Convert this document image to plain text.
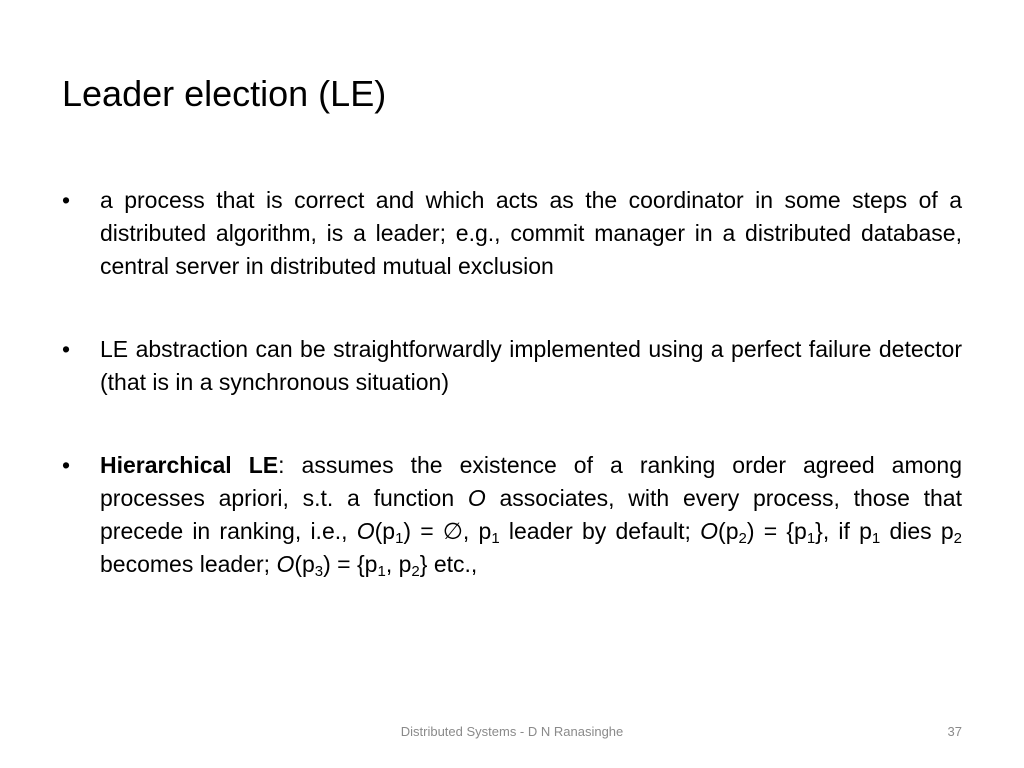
Leader election (LE)
•	a process that is correct and which acts as the coordinator in some steps of a distributed algorithm, is a leader; e.g., commit manager in a distributed database, central server in distributed mutual exclusion
•	LE abstraction can be straightforwardly implemented using a perfect failure detector (that is in a synchronous situation)
•	Hierarchical LE: assumes the existence of a ranking order agreed among processes apriori, s.t. a function O associates, with every process, those that precede in ranking, i.e., $O(p_1)$ = ∅, $p_1$ leader by default; $O(p_2) = \{p_1\}$, if $p_1$ dies $p_2$ becomes leader; $O(p_3) = \{p_1$, $p_2$} etc.,
Distributed Systems - D N Ranasinghe	37
